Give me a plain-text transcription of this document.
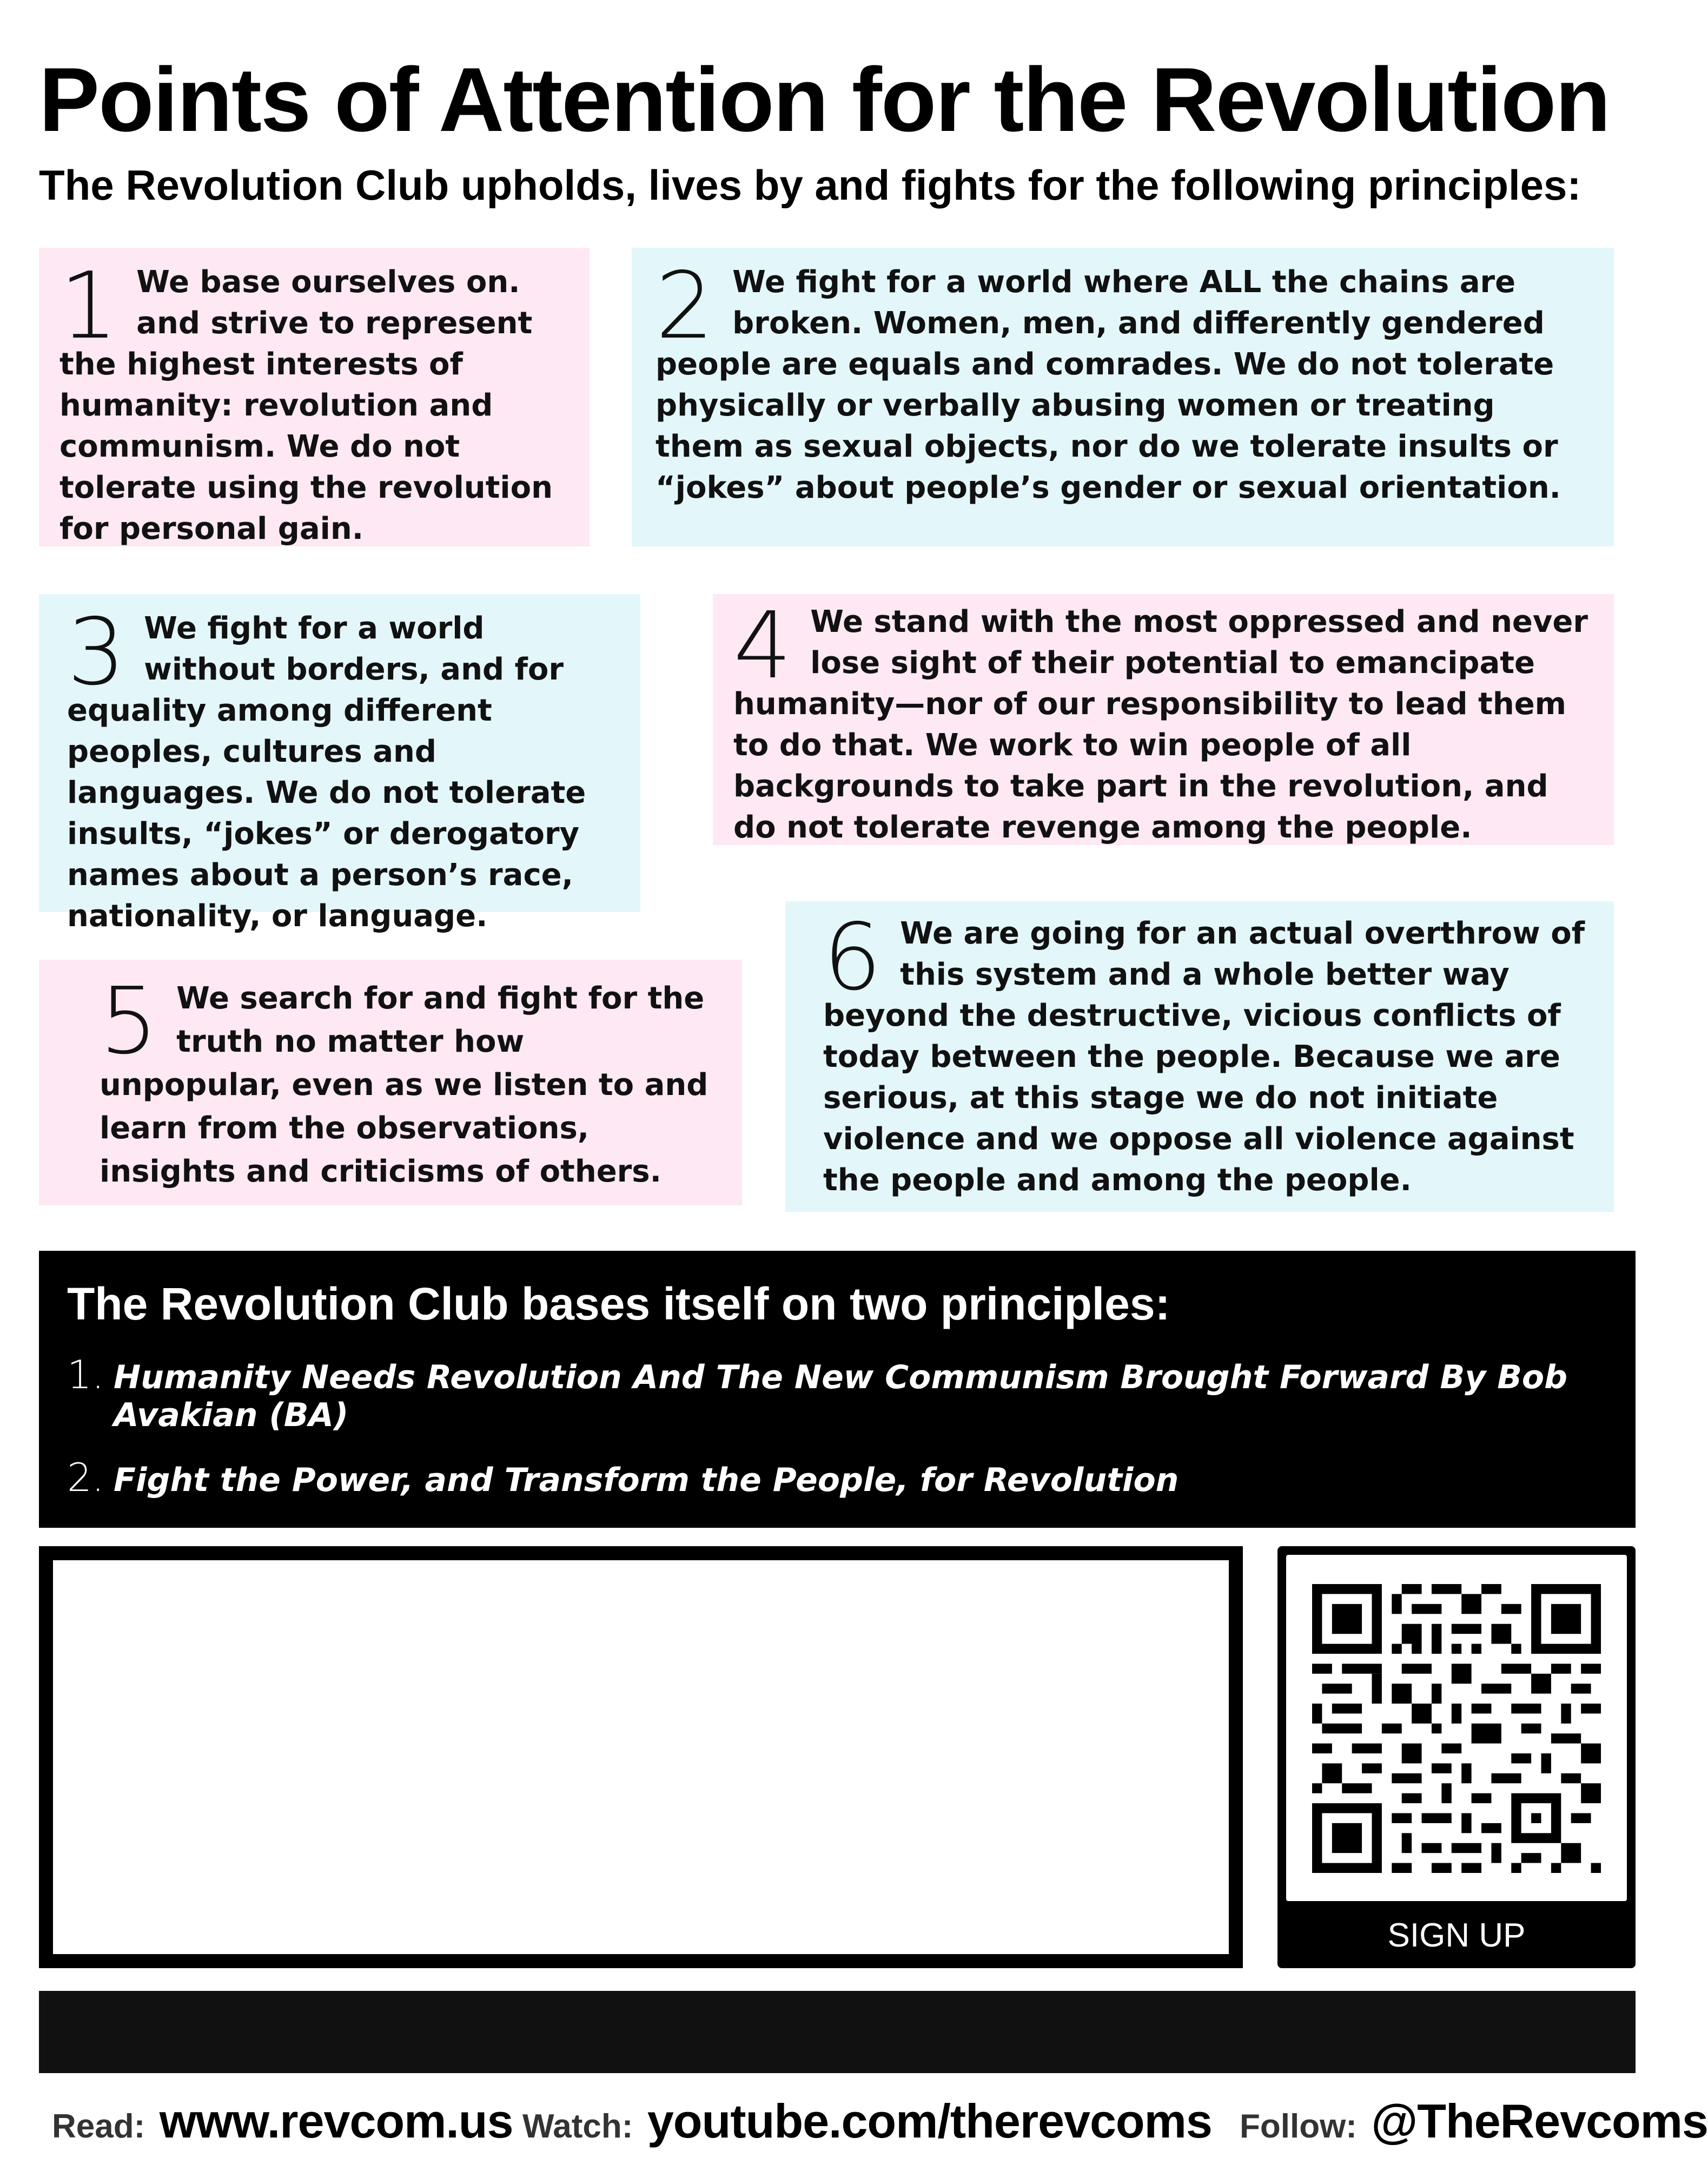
Points of Attention for the Revolution
The Revolution Club upholds, lives by and fights for the following principles:
1 We base ourselves on. and strive to represent the highest interests of humanity: revolution and communism. We do not tolerate using the revolution for personal gain.
2 We fight for a world where ALL the chains are broken. Women, men, and differently gendered people are equals and comrades. We do not tolerate physically or verbally abusing women or treating them as sexual objects, nor do we tolerate insults or “jokes” about people’s gender or sexual orientation.
3 We fight for a world without borders, and for equality among different peoples, cultures and languages. We do not tolerate insults, “jokes” or derogatory names about a person’s race, nationality, or language.
4 We stand with the most oppressed and never lose sight of their potential to emancipate humanity—nor of our responsibility to lead them to do that. We work to win people of all backgrounds to take part in the revolution, and do not tolerate revenge among the people.
5 We search for and fight for the truth no matter how unpopular, even as we listen to and learn from the observations, insights and criticisms of others.
6 We are going for an actual overthrow of this system and a whole better way beyond the destructive, vicious conflicts of today between the people. Because we are serious, at this stage we do not initiate violence and we oppose all violence against the people and among the people.
The Revolution Club bases itself on two principles:
1. Humanity Needs Revolution And The New Communism Brought Forward By Bob Avakian (BA)
2. Fight the Power, and Transform the People, for Revolution
SIGN UP
Read: www.revcom.us Watch: youtube.com/therevcoms Follow: @TheRevcoms
